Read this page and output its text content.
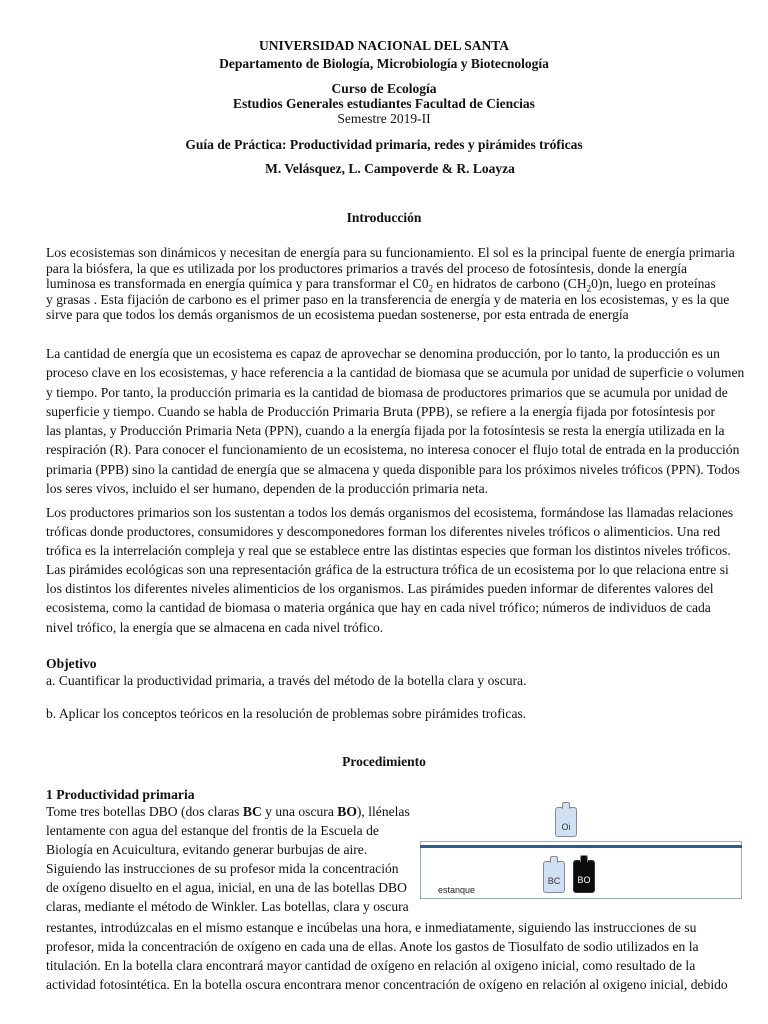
UNIVERSIDAD NACIONAL DEL SANTA
Departamento de Biología, Microbiología y Biotecnología
Curso de Ecología
Estudios Generales estudiantes Facultad de Ciencias
Semestre 2019-II
Guía de Práctica: Productividad primaria, redes y pirámides tróficas
M. Velásquez, L. Campoverde & R. Loayza
Introducción
Los ecosistemas son dinámicos y necesitan de energía para su funcionamiento. El sol es la principal fuente de energía primaria
para la biósfera, la que es utilizada por los productores primarios a través del proceso de fotosíntesis, donde la energía
luminosa es transformada en energía química y para transformar el $C0_2$ en hidratos de carbono $(CH_20)n$, luego en proteínas
y grasas . Esta fijación de carbono es el primer paso en la transferencia de energía y de materia en los ecosistemas, y es la que
sirve para que todos los demás organismos de un ecosistema puedan sostenerse, por esta entrada de energía
La cantidad de energía que un ecosistema es capaz de aprovechar se denomina producción, por lo tanto, la producción es un
proceso clave en los ecosistemas, y hace referencia a la cantidad de biomasa que se acumula por unidad de superficie o volumen
y tiempo. Por tanto, la producción primaria es la cantidad de biomasa de productores primarios que se acumula por unidad de
superficie y tiempo. Cuando se habla de Producción Primaria Bruta (PPB), se refiere a la energía fijada por fotosíntesis por
las plantas, y Producción Primaria Neta (PPN), cuando a la energía fijada por la fotosíntesis se resta la energía utilizada en la
respiración (R). Para conocer el funcionamiento de un ecosistema, no interesa conocer el flujo total de entrada en la producción
primaria (PPB) sino la cantidad de energía que se almacena y queda disponible para los próximos niveles tróficos (PPN). Todos
los seres vivos, incluido el ser humano, dependen de la producción primaria neta.
Los productores primarios son los sustentan a todos los demás organismos del ecosistema, formándose las llamadas relaciones
tróficas donde productores, consumidores y descomponedores forman los diferentes niveles tróficos o alimenticios. Una red
trófica es la interrelación compleja y real que se establece entre las distintas especies que forman los distintos niveles tróficos.
Las pirámides ecológicas son una representación gráfica de la estructura trófica de un ecosistema por lo que relaciona entre si
los distintos los diferentes niveles alimenticios de los organismos. Las pirámides pueden informar de diferentes valores del
ecosistema, como la cantidad de biomasa o materia orgánica que hay en cada nivel trófico; números de individuos de cada
nivel trófico, la energía que se almacena en cada nivel trófico.
Objetivo
a. Cuantificar la productividad primaria, a través del método de la botella clara y oscura.
b. Aplicar los conceptos teóricos en la resolución de problemas sobre pirámides troficas.
Procedimiento
1 Productividad primaria
Tome tres botellas DBO (dos claras BC y una oscura BO), llénelas
lentamente con agua del estanque del frontis de la Escuela de
Biología en Acuicultura, evitando generar burbujas de aire.
Siguiendo las instrucciones de su profesor mida la concentración
de oxígeno disuelto en el agua, inicial, en una de las botellas DBO
claras, mediante el método de Winkler. Las botellas, clara y oscura
Oi
BC	BO
estanque
restantes, introdúzcalas en el mismo estanque e incúbelas una hora, e inmediatamente, siguiendo las instrucciones de su
profesor, mida la concentración de oxígeno en cada una de ellas. Anote los gastos de Tiosulfato de sodio utilizados en la
titulación. En la botella clara encontrará mayor cantidad de oxígeno en relación al oxigeno inicial, como resultado de la
actividad fotosintética. En la botella oscura encontrara menor concentración de oxígeno en relación al oxigeno inicial, debido
